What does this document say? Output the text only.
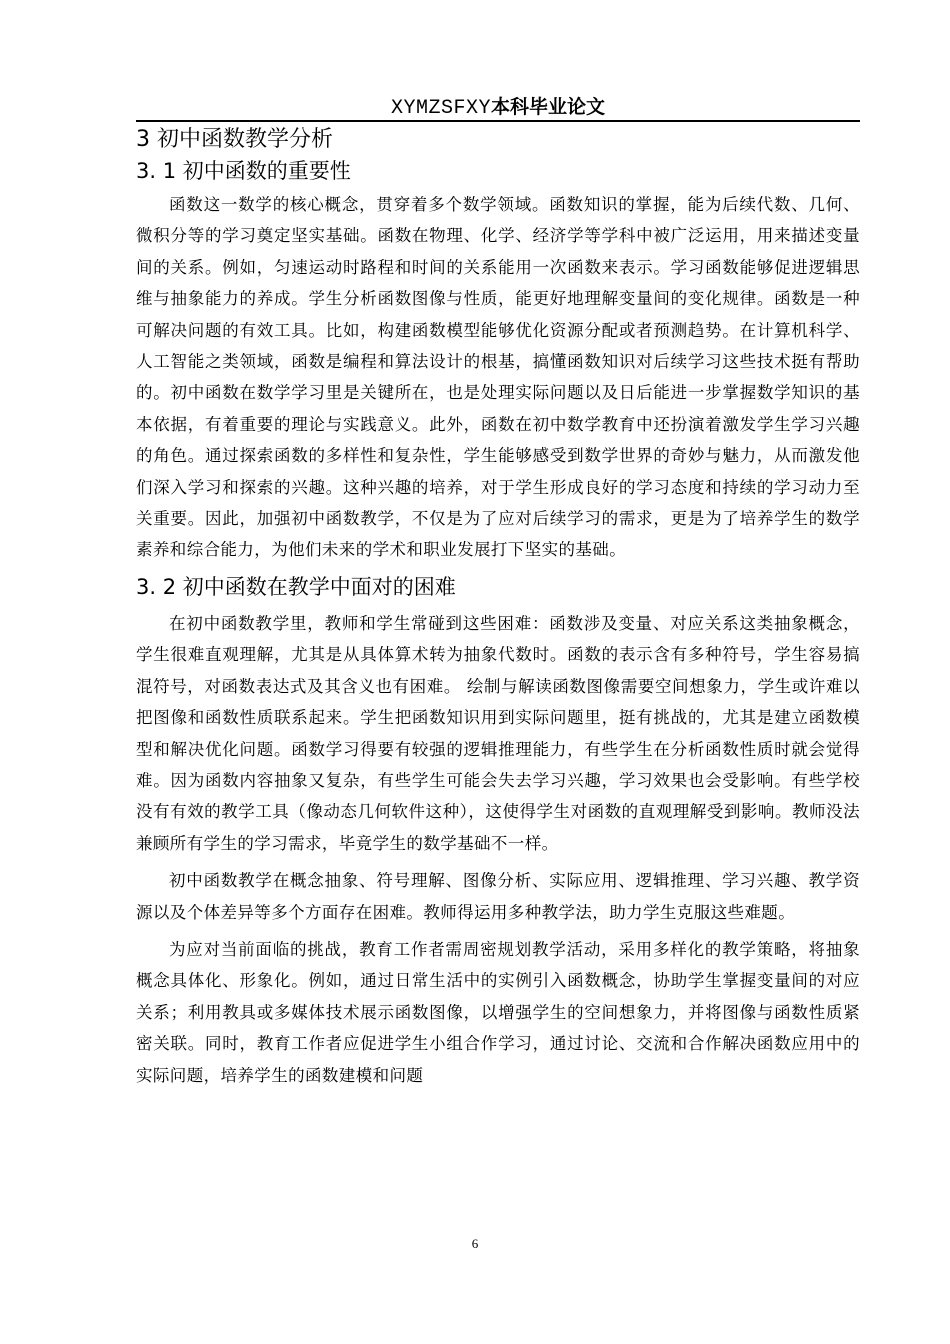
XYMZSFXY本科毕业论文
3 初中函数教学分析
3. 1 初中函数的重要性

函数这一数学的核心概念，贯穿着多个数学领域。函数知识的掌握，能为后续代数、几何、微积分等的学习奠定坚实基础。函数在物理、化学、经济学等学科中被广泛运用，用来描述变量间的关系。例如，匀速运动时路程和时间的关系能用一次函数来表示。学习函数能够促进逻辑思维与抽象能力的养成。学生分析函数图像与性质，能更好地理解变量间的变化规律。函数是一种可解决问题的有效工具。比如，构建函数模型能够优化资源分配或者预测趋势。在计算机科学、人工智能之类领域，函数是编程和算法设计的根基，搞懂函数知识对后续学习这些技术挺有帮助的。初中函数在数学学习里是关键所在，也是处理实际问题以及日后能进一步掌握数学知识的基本依据，有着重要的理论与实践意义。此外，函数在初中数学教育中还扮演着激发学生学习兴趣的角色。通过探索函数的多样性和复杂性，学生能够感受到数学世界的奇妙与魅力，从而激发他们深入学习和探索的兴趣。这种兴趣的培养，对于学生形成良好的学习态度和持续的学习动力至关重要。因此，加强初中函数教学，不仅是为了应对后续学习的需求，更是为了培养学生的数学素养和综合能力，为他们未来的学术和职业发展打下坚实的基础。

3. 2 初中函数在教学中面对的困难

在初中函数教学里，教师和学生常碰到这些困难：函数涉及变量、对应关系这类抽象概念，学生很难直观理解，尤其是从具体算术转为抽象代数时。函数的表示含有多种符号，学生容易搞混符号，对函数表达式及其含义也有困难。 绘制与解读函数图像需要空间想象力，学生或许难以把图像和函数性质联系起来。学生把函数知识用到实际问题里，挺有挑战的，尤其是建立函数模型和解决优化问题。函数学习得要有较强的逻辑推理能力，有些学生在分析函数性质时就会觉得难。因为函数内容抽象又复杂，有些学生可能会失去学习兴趣，学习效果也会受影响。有些学校没有有效的教学工具（像动态几何软件这种），这使得学生对函数的直观理解受到影响。教师没法兼顾所有学生的学习需求，毕竟学生的数学基础不一样。

初中函数教学在概念抽象、符号理解、图像分析、实际应用、逻辑推理、学习兴趣、教学资源以及个体差异等多个方面存在困难。教师得运用多种教学法，助力学生克服这些难题。

为应对当前面临的挑战，教育工作者需周密规划教学活动，采用多样化的教学策略，将抽象概念具体化、形象化。例如，通过日常生活中的实例引入函数概念，协助学生掌握变量间的对应关系；利用教具或多媒体技术展示函数图像，以增强学生的空间想象力，并将图像与函数性质紧密关联。同时，教育工作者应促进学生小组合作学习，通过讨论、交流和合作解决函数应用中的实际问题，培养学生的函数建模和问题

6
